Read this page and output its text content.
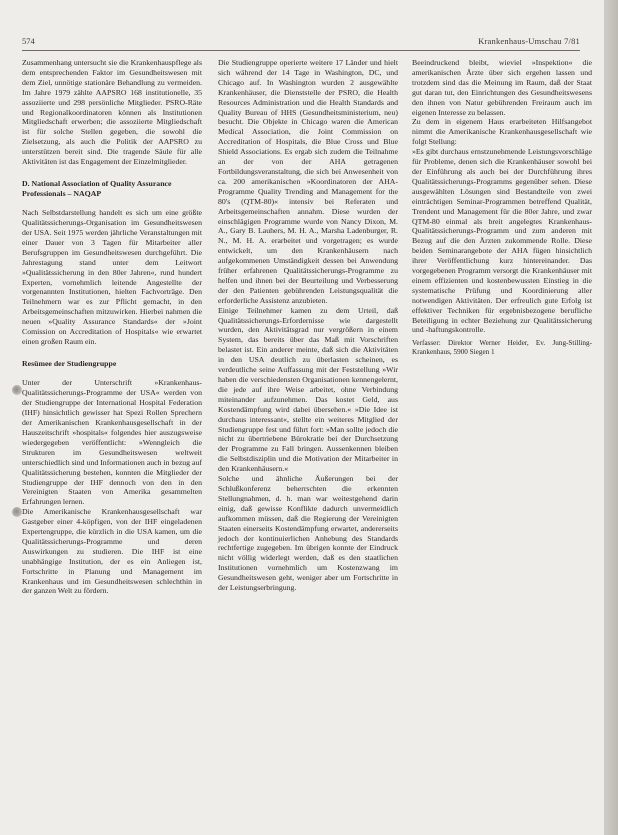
574	Krankenhaus-Umschau 7/81

Zusammenhang untersucht sie die Krankenhauspflege als dem entsprechenden Faktor im Gesundheitswesen mit dem Ziel, unnötige stationäre Behandlung zu vermeiden. Im Jahre 1979 zählte AAPSRO 168 institutionelle, 35 assoziierte und 298 persönliche Mitglieder. PSRO-Räte und Regionalkoordinatoren können als Institutionen Mitgliedschaft erwerben; die assoziierte Mitgliedschaft ist für solche Stellen gegeben, die sowohl die Zielsetzung, als auch die Politik der AAPSRO zu unterstützen bereit sind. Die tragende Säule für alle Aktivitäten ist das Engagement der Einzelmitglieder.

D. National Association of Quality Assurance Professionals – NAQAP

Nach Selbstdarstellung handelt es sich um eine größte Qualitätssicherungs-Organisation im Gesundheitswesen der USA. Seit 1975 werden jährliche Veranstaltungen mit einer Dauer von 3 Tagen für Mitarbeiter aller Berufsgruppen im Gesundheitswesen durchgeführt. Die Jahrestagung stand unter dem Leitwort »Qualitätssicherung in den 80er Jahren«, rund hundert Experten, vornehmlich leitende Angestellte der vorgenannten Institutionen, hielten Fachvorträge. Den Teilnehmern war es zur Pflicht gemacht, in den Arbeitsgemeinschaften mitzuwirken. Hierbei nahmen die neuen »Quality Assurance Standards« der »Joint Comission on Accreditation of Hospitals« wie erwartet einen großen Raum ein.

Resümee der Studiengruppe

Unter der Unterschrift »Krankenhaus-Qualitätssicherungs-Programme der USA« werden von der Studiengruppe der International Hospital Federation (IHF) hinsichtlich gewisser hat Spezi Rollen Sprechern der Amerikanischen Krankenhausgesellschaft in der Hauszeitschrift »hospitals« folgendes hier auszugsweise wiedergegeben veröffentlicht: »Wenngleich die Strukturen im Gesundheitswesen weltweit unterschiedlich sind und Informationen auch in bezug auf Qualitätssicherung bestehen, konnten die Mitglieder der Studiengruppe der IHF dennoch von den in den Vereinigten Staaten von Amerika gesammelten Erfahrungen lernen.

Die Amerikanische Krankenhausgesellschaft war Gastgeber einer 4-köpfigen, von der IHF eingeladenen Expertengruppe, die kürzlich in die USA kamen, um die Qualitätssicherungs-Programme und deren Auswirkungen zu studieren. Die IHF ist eine unabhängige Institution, der es ein Anliegen ist, Fortschritte in Planung und Management im Krankenhaus und im Gesundheitswesen schlechthin in der ganzen Welt zu fördern.

Die Studiengruppe operierte weitere 17 Länder und hielt sich während der 14 Tage in Washington, DC, und Chicago auf. In Washington wurden 2 ausgewählte Krankenhäuser, die Dienststelle der PSRO, die Health Resources Administration und die Health Standards and Quality Bureau of HHS (Gesundheitsministerium, neu) besucht. Die Objekte in Chicago waren die American Medical Association, die Joint Commission on Accreditation of Hospitals, die Blue Cross und Blue Shield Associations. Es ergab sich zudem die Teilnahme an der von der AHA getragenen Fortbildungsveranstaltung, die sich bei Anwesenheit von ca. 200 amerikanischen »Koordinatoren der AHA-Programme Quality Trending and Management for the 80's (QTM-80)« intensiv bei Referaten und Arbeitsgemeinschaften annahm. Diese wurden der einschlägigen Programme wurde von Nancy Dixon, M. A., Gary B. Lauhers, M. H. A., Marsha Ladenburger, R. N., M. H. A. erarbeitet und vorgetragen; es wurde entwickelt, um den Krankenhäusern nach aufgekommenen Umständigkeit dessen bei Anwendung früher erfahrenen Qualitätssicherungs-Programme zu helfen und ihnen bei der Beurteilung und Verbesserung der den Patienten gebührenden Leistungsqualität die erforderliche Assistenz anzubieten.

Einige Teilnehmer kamen zu dem Urteil, daß Qualitätssicherungs-Erfordernisse wie dargestellt wurden, den Aktivitätsgrad nur vergrößern in einem System, das bereits über das Maß mit Vorschriften belastet ist. Ein anderer meinte, daß sich die Aktivitäten in den USA deutlich zu überlasten scheinen, es verdeutliche seine Auffassung mit der Feststellung »Wir haben die verschiedensten Organisationen kennengelernt, die jede auf ihre Weise arbeitet, ohne Verbindung miteinander aufzunehmen. Das kostet Geld, aus Kostendämpfung wird dabei übersehen.« »Die Idee ist durchaus interessant«, stellte ein weiteres Mitglied der Studiengruppe fest und führt fort: »Man sollte jedoch die nicht zu übertriebene Bürokratie bei der Durchsetzung der Programme zu Fall bringen. Aussenkennen bleiben die Selbstdisziplin und die Motivation der Mitarbeiter in den Krankenhäusern.«

Solche und ähnliche Äußerungen bei der Schlußkonferenz beherrschten die erkennten Stellungnahmen, d. h. man war weitestgehend darin einig, daß gewisse Konflikte dadurch unvermeidlich aufkommen müssen, daß die Regierung der Vereinigten Staaten einerseits Kostendämpfung erwartet, andererseits jedoch der kontinuierlichen Anhebung des Standards rechtfertige zugegeben. Im übrigen konnte der Eindruck nicht völlig widerlegt werden, daß es den staatlichen Institutionen vornehmlich um Kostenzwang im Gesundheitswesen geht, weniger aber um Fortschritte in der Leistungserbringung.

Beeindruckend bleibt, wieviel »Inspektion« die amerikanischen Ärzte über sich ergehen lassen und trotzdem sind das die Meinung im Raum, daß der Staat gut daran tut, den Einrichtungen des Gesundheitswesens den ihnen von Natur gebührenden Freiraum auch im eigenen Interesse zu belassen.

Zu dem in eigenem Haus erarbeiteten Hilfsangebot nimmt die Amerikanische Krankenhausgesellschaft wie folgt Stellung:

»Es gibt durchaus ernstzunehmende Leistungsvorschläge für Probleme, denen sich die Krankenhäuser sowohl bei der Einführung als auch bei der Durchführung ihres Qualitätssicherungs-Programms gegenüber sehen. Diese ausgewählten Lösungen sind Bestandteile von zwei einträchtigen Seminar-Programmen betreffend Qualität, Trendent und Management für die 80er Jahre, und zwar QTM-80 einmal als breit angelegtes Krankenhaus-Qualitätssicherungs-Programm und zum anderen mit Bezug auf die den Ärzten zukommende Rolle. Diese beiden Seminarangebote der AHA fügen hinsichtlich ihrer Veröffentlichung kurz hintereinander. Das vorgegebenen Programm versorgt die Krankenhäuser mit einem effizienten und kostenbewussten Einstieg in die systematische Prüfung und Koordinierung aller notwendigen Aktivitäten. Der erfreulich gute Erfolg ist effektiver Techniken für ergebnisbezogene berufliche Beteiligung in echter Beziehung zur Qualitätssicherung und -haftungskontrolle.

Verfasser: Direktor Werner Heider, Ev. Jung-Stilling-Krankenhaus, 5900 Siegen 1
